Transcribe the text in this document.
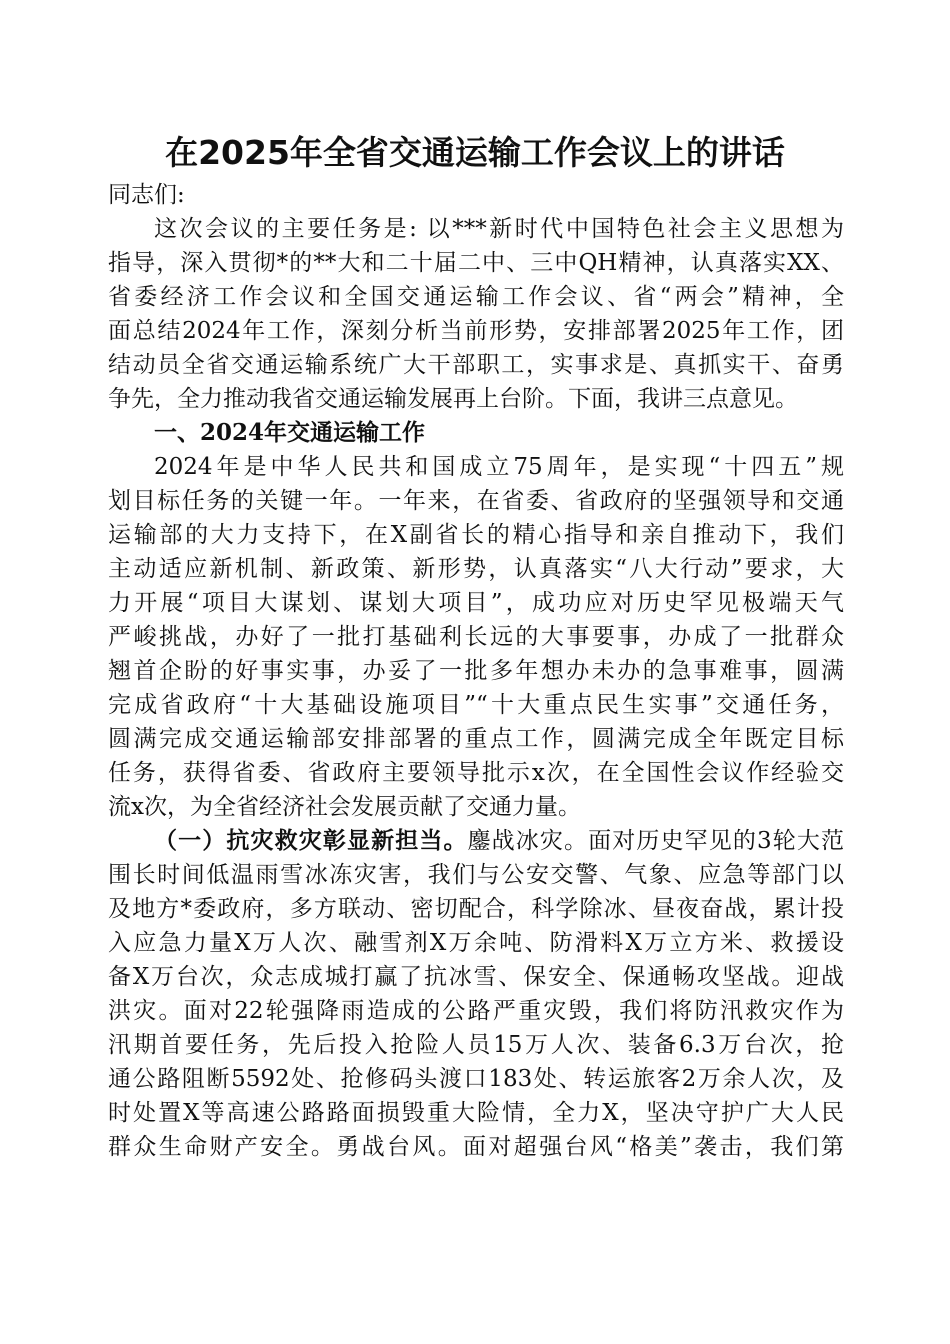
在2025年全省交通运输工作会议上的讲话
同志们:
这次会议的主要任务是: 以***新时代中国特色社会主义思想为
指导，深入贯彻*的**大和二十届二中、三中QH精神，认真落实XX、
省委经济工作会议和全国交通运输工作会议、省“两会”精神，全
面总结2024年工作，深刻分析当前形势，安排部署2025年工作，团
结动员全省交通运输系统广大干部职工，实事求是、真抓实干、奋勇
争先，全力推动我省交通运输发展再上台阶。下面，我讲三点意见。
一、2024年交通运输工作
2024年是中华人民共和国成立75周年，是实现“十四五”规
划目标任务的关键一年。一年来，在省委、省政府的坚强领导和交通
运输部的大力支持下，在X副省长的精心指导和亲自推动下，我们
主动适应新机制、新政策、新形势，认真落实“八大行动”要求，大
力开展“项目大谋划、谋划大项目”，成功应对历史罕见极端天气
严峻挑战，办好了一批打基础利长远的大事要事，办成了一批群众
翘首企盼的好事实事，办妥了一批多年想办未办的急事难事，圆满
完成省政府“十大基础设施项目”“十大重点民生实事”交通任务，
圆满完成交通运输部安排部署的重点工作，圆满完成全年既定目标
任务，获得省委、省政府主要领导批示x次，在全国性会议作经验交
流x次，为全省经济社会发展贡献了交通力量。
（一）抗灾救灾彰显新担当。鏖战冰灾。面对历史罕见的3轮大范
围长时间低温雨雪冰冻灾害，我们与公安交警、气象、应急等部门以
及地方*委政府，多方联动、密切配合，科学除冰、昼夜奋战，累计投
入应急力量X万人次、融雪剂X万余吨、防滑料X万立方米、救援设
备X万台次，众志成城打赢了抗冰雪、保安全、保通畅攻坚战。迎战
洪灾。面对22轮强降雨造成的公路严重灾毁，我们将防汛救灾作为
汛期首要任务，先后投入抢险人员15万人次、装备6.3万台次，抢
通公路阻断5592处、抢修码头渡口183处、转运旅客2万余人次，及
时处置X等高速公路路面损毁重大险情，全力X，坚决守护广大人民
群众生命财产安全。勇战台风。面对超强台风“格美”袭击，我们第
